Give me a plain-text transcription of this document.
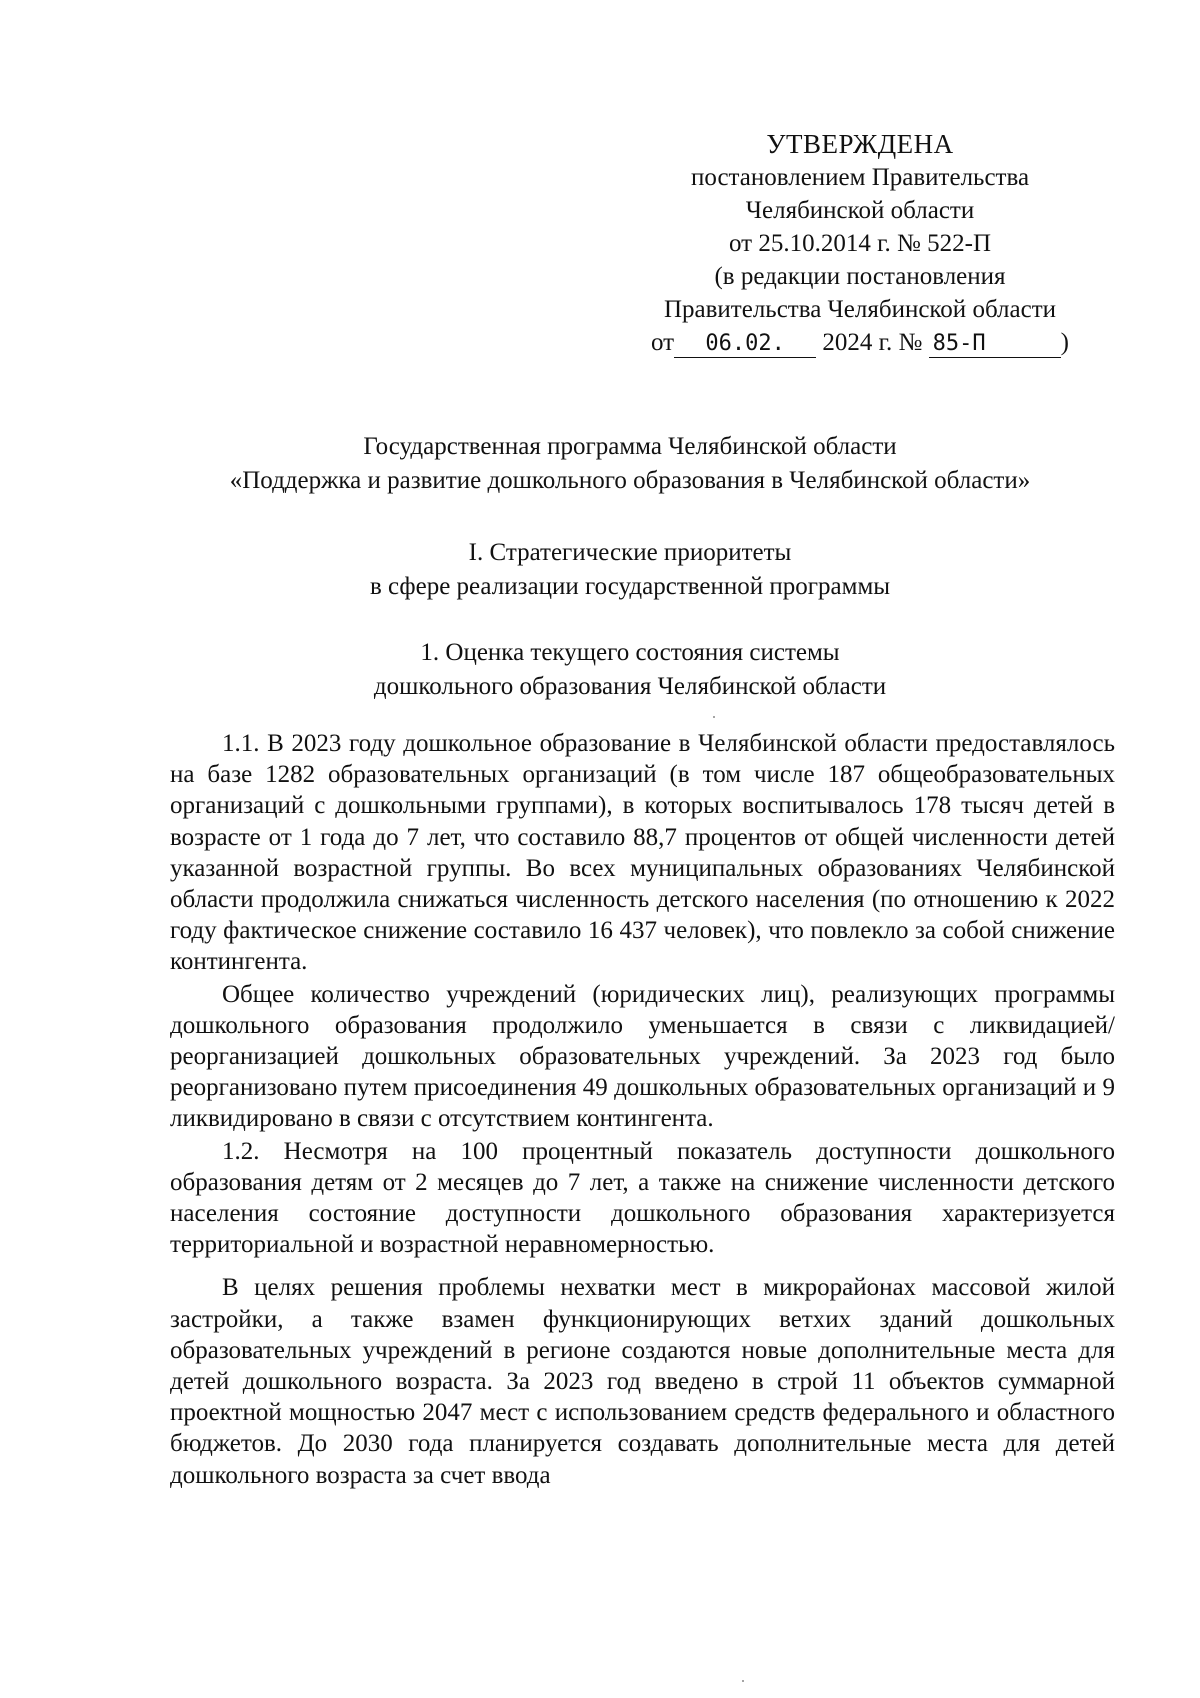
УТВЕРЖДЕНА
постановлением Правительства
Челябинской области
от 25.10.2014 г. № 522-П
(в редакции постановления
Правительства Челябинской области
от 06.02. 2024 г. № 85-П	)
Государственная программа Челябинской области
«Поддержка и развитие дошкольного образования в Челябинской области»
I. Стратегические приоритеты
в сфере реализации государственной программы
1. Оценка текущего состояния системы
дошкольного образования Челябинской области

1.1. В 2023 году дошкольное образование в Челябинской области предоставлялось на базе 1282 образовательных организаций (в том числе 187 общеобразовательных организаций с дошкольными группами), в которых воспитывалось 178 тысяч детей в возрасте от 1 года до 7 лет, что составило 88,7 процентов от общей численности детей указанной возрастной группы. Во всех муниципальных образованиях Челябинской области продолжила снижаться численность детского населения (по отношению к 2022 году фактическое снижение составило 16 437 человек), что повлекло за собой снижение контингента.

Общее количество учреждений (юридических лиц), реализующих программы дошкольного образования продолжило уменьшается в связи с ликвидацией/реорганизацией дошкольных образовательных учреждений. За 2023 год было реорганизовано путем присоединения 49 дошкольных образовательных организаций и 9 ликвидировано в связи с отсутствием контингента.

1.2. Несмотря на 100 процентный показатель доступности дошкольного образования детям от 2 месяцев до 7 лет, а также на снижение численности детского населения состояние доступности дошкольного образования характеризуется территориальной и возрастной неравномерностью.

В целях решения проблемы нехватки мест в микрорайонах массовой жилой застройки, а также взамен функционирующих ветхих зданий дошкольных образовательных учреждений в регионе создаются новые дополнительные места для детей дошкольного возраста. За 2023 год введено в строй 11 объектов суммарной проектной мощностью 2047 мест с использованием средств федерального и областного бюджетов. До 2030 года планируется создавать дополнительные места для детей дошкольного возраста за счет ввода
